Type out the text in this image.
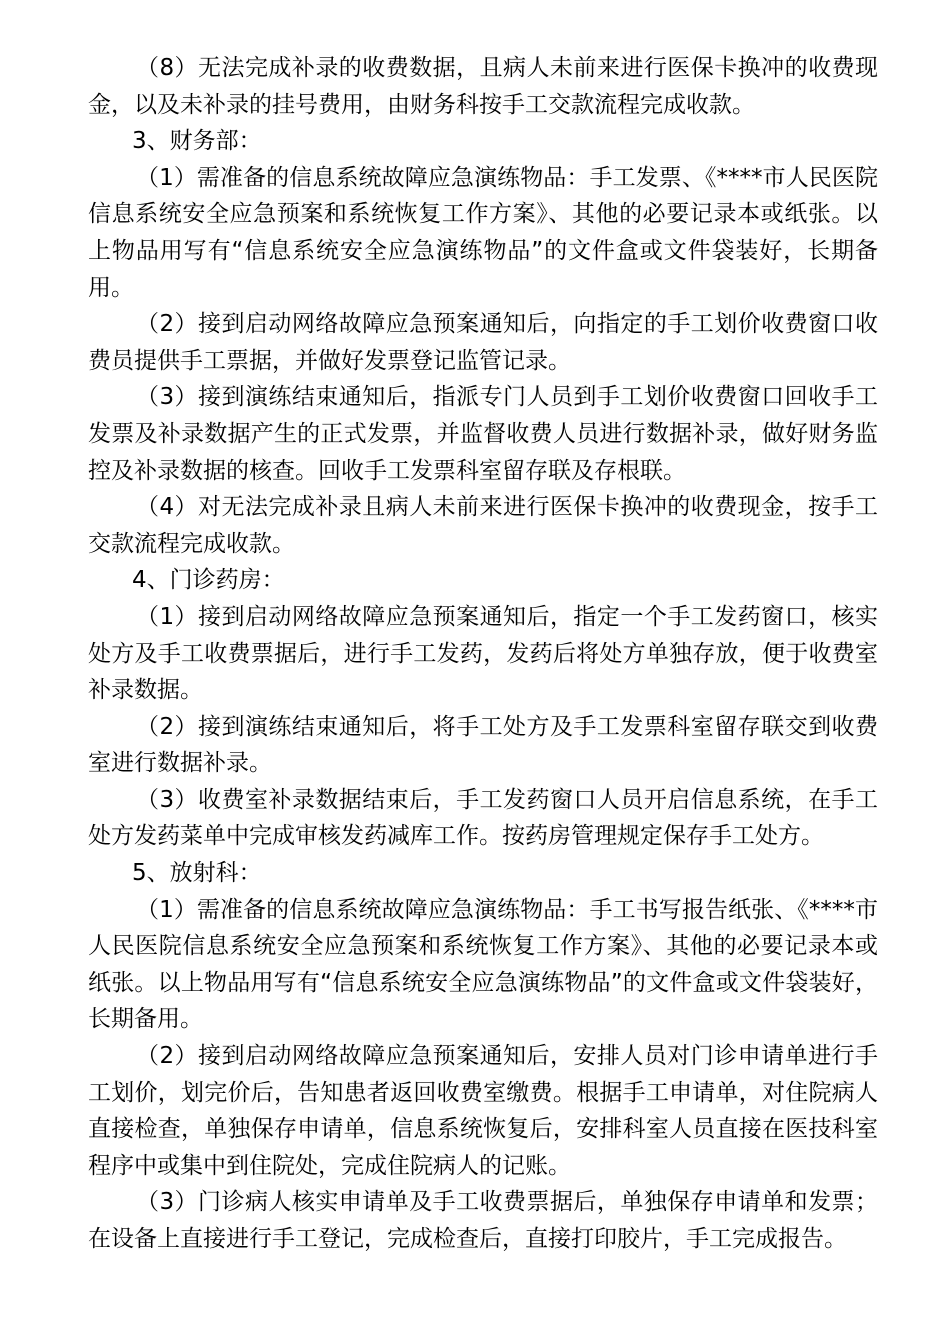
（8）无法完成补录的收费数据，且病人未前来进行医保卡换冲的收费现金，以及未补录的挂号费用，由财务科按手工交款流程完成收款。

3、财务部：

（1）需准备的信息系统故障应急演练物品：手工发票、《****市人民医院信息系统安全应急预案和系统恢复工作方案》、其他的必要记录本或纸张。以上物品用写有“信息系统安全应急演练物品”的文件盒或文件袋装好，长期备用。

（2）接到启动网络故障应急预案通知后，向指定的手工划价收费窗口收费员提供手工票据，并做好发票登记监管记录。

（3）接到演练结束通知后，指派专门人员到手工划价收费窗口回收手工发票及补录数据产生的正式发票，并监督收费人员进行数据补录，做好财务监控及补录数据的核查。回收手工发票科室留存联及存根联。

（4）对无法完成补录且病人未前来进行医保卡换冲的收费现金，按手工交款流程完成收款。

4、门诊药房：

（1）接到启动网络故障应急预案通知后，指定一个手工发药窗口，核实处方及手工收费票据后，进行手工发药，发药后将处方单独存放，便于收费室补录数据。

（2）接到演练结束通知后，将手工处方及手工发票科室留存联交到收费室进行数据补录。

（3）收费室补录数据结束后，手工发药窗口人员开启信息系统，在手工处方发药菜单中完成审核发药减库工作。按药房管理规定保存手工处方。

5、放射科：

（1）需准备的信息系统故障应急演练物品：手工书写报告纸张、《****市人民医院信息系统安全应急预案和系统恢复工作方案》、其他的必要记录本或纸张。以上物品用写有“信息系统安全应急演练物品”的文件盒或文件袋装好，长期备用。

（2）接到启动网络故障应急预案通知后，安排人员对门诊申请单进行手工划价，划完价后，告知患者返回收费室缴费。根据手工申请单，对住院病人直接检查，单独保存申请单，信息系统恢复后，安排科室人员直接在医技科室程序中或集中到住院处，完成住院病人的记账。

（3）门诊病人核实申请单及手工收费票据后，单独保存申请单和发票；在设备上直接进行手工登记，完成检查后，直接打印胶片，手工完成报告。
